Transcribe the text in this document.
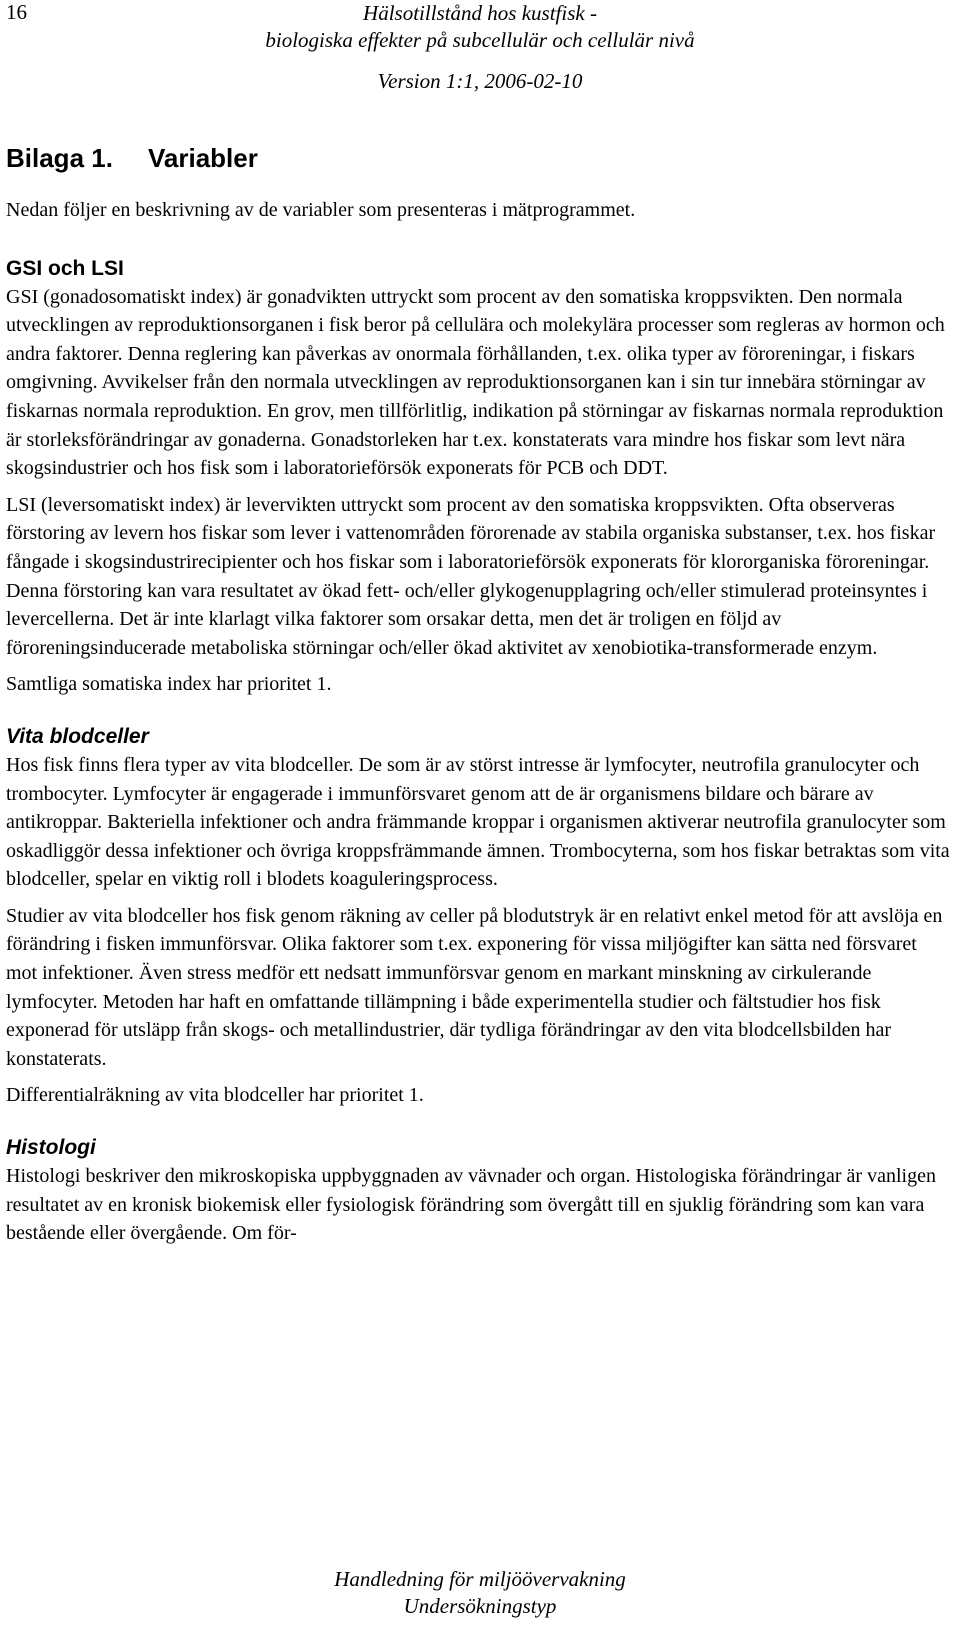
16	Hälsotillstånd hos kustfisk -
biologiska effekter på subcellulär och cellulär nivå
Version 1:1, 2006-02-10
Bilaga 1. Variabler

Nedan följer en beskrivning av de variabler som presenteras i mätprogrammet.

GSI och LSI

GSI (gonadosomatiskt index) är gonadvikten uttryckt som procent av den somatiska kroppsvikten. Den normala utvecklingen av reproduktionsorganen i fisk beror på cellulära och molekylära processer som regleras av hormon och andra faktorer. Denna reglering kan påverkas av onormala förhållanden, t.ex. olika typer av föroreningar, i fiskars omgivning. Avvikelser från den normala utvecklingen av reproduktionsorganen kan i sin tur innebära störningar av fiskarnas normala reproduktion. En grov, men tillförlitlig, indikation på störningar av fiskarnas normala reproduktion är storleksförändringar av gonaderna. Gonadstorleken har t.ex. konstaterats vara mindre hos fiskar som levt nära skogsindustrier och hos fisk som i laboratorieförsök exponerats för PCB och DDT.

LSI (leversomatiskt index) är levervikten uttryckt som procent av den somatiska kroppsvikten. Ofta observeras förstoring av levern hos fiskar som lever i vattenområden förorenade av stabila organiska substanser, t.ex. hos fiskar fångade i skogsindustrirecipienter och hos fiskar som i laboratorieförsök exponerats för klororganiska föroreningar. Denna förstoring kan vara resultatet av ökad fett- och/eller glykogenupplagring och/eller stimulerad proteinsyntes i levercellerna. Det är inte klarlagt vilka faktorer som orsakar detta, men det är troligen en följd av föroreningsinducerade metaboliska störningar och/eller ökad aktivitet av xenobiotika-transformerade enzym.

Samtliga somatiska index har prioritet 1.

Vita blodceller

Hos fisk finns flera typer av vita blodceller. De som är av störst intresse är lymfocyter, neutrofila granulocyter och trombocyter. Lymfocyter är engagerade i immunförsvaret genom att de är organismens bildare och bärare av antikroppar. Bakteriella infektioner och andra främmande kroppar i organismen aktiverar neutrofila granulocyter som oskadliggör dessa infektioner och övriga kroppsfrämmande ämnen. Trombocyterna, som hos fiskar betraktas som vita blodceller, spelar en viktig roll i blodets koaguleringsprocess.

Studier av vita blodceller hos fisk genom räkning av celler på blodutstryk är en relativt enkel metod för att avslöja en förändring i fisken immunförsvar. Olika faktorer som t.ex. exponering för vissa miljögifter kan sätta ned försvaret mot infektioner. Även stress medför ett nedsatt immunförsvar genom en markant minskning av cirkulerande lymfocyter. Metoden har haft en omfattande tillämpning i både experimentella studier och fältstudier hos fisk exponerad för utsläpp från skogs- och metallindustrier, där tydliga förändringar av den vita blodcellsbilden har konstaterats.

Differentialräkning av vita blodceller har prioritet 1.

Histologi

Histologi beskriver den mikroskopiska uppbyggnaden av vävnader och organ. Histologiska förändringar är vanligen resultatet av en kronisk biokemisk eller fysiologisk förändring som övergått till en sjuklig förändring som kan vara bestående eller övergående. Om för-

Handledning för miljöövervakning
Undersökningstyp
